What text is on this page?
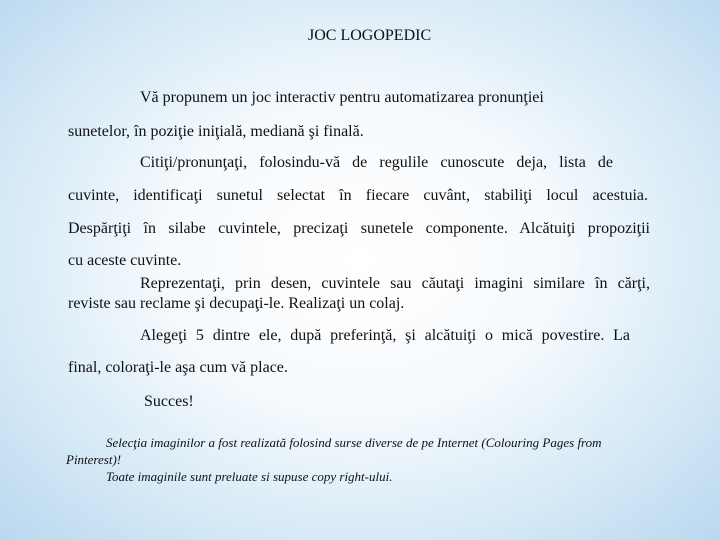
JOC LOGOPEDIC
Vă propunem un joc interactiv pentru automatizarea pronunţiei
sunetelor, în poziţie iniţială, mediană şi finală.
Citiţi/pronunţaţi, folosindu-vă de regulile cunoscute deja, lista de
cuvinte, identificaţi sunetul selectat în fiecare cuvânt, stabiliţi locul acestuia.
Despărţiţi în silabe cuvintele, precizaţi sunetele componente. Alcătuiţi propoziţii
cu aceste cuvinte.
Reprezentaţi, prin desen, cuvintele sau căutaţi imagini similare în cărţi,
reviste sau reclame şi decupaţi-le. Realizaţi un colaj.
Alegeţi 5 dintre ele, după preferinţă, şi alcătuiţi o mică povestire. La
final, coloraţi-le aşa cum vă place.
Succes!
Selecţia imaginilor a fost realizată folosind surse diverse de pe Internet (Colouring Pages from
Pinterest)!
Toate imaginile sunt preluate si supuse copy right-ului.
